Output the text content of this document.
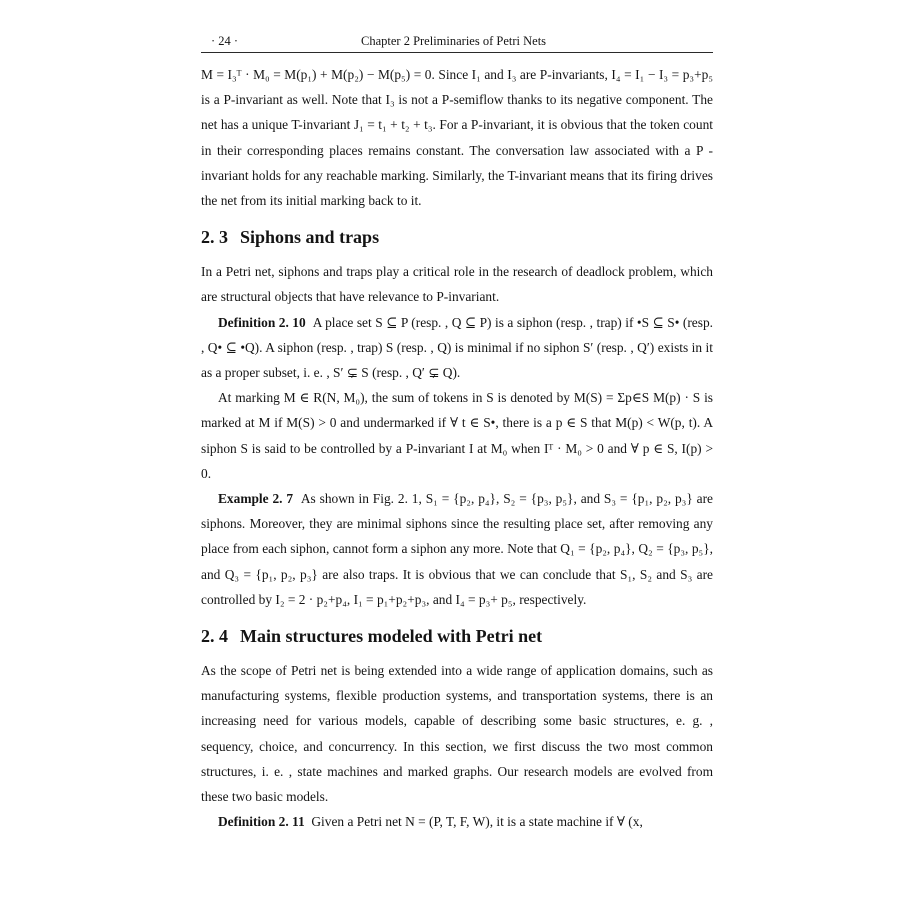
· 24 ·	Chapter 2 Preliminaries of Petri Nets

M = I₃ᵀ · M₀ = M(p₁) + M(p₂) − M(p₅) = 0. Since I₁ and I₃ are P-invariants, I₄ = I₁ − I₃ = p₃+p₅ is a P-invariant as well. Note that I₃ is not a P-semiflow thanks to its negative component. The net has a unique T-invariant J₁ = t₁ + t₂ + t₃. For a P-invariant, it is obvious that the token count in their corresponding places remains constant. The conversation law associated with a P -invariant holds for any reachable marking. Similarly, the T-invariant means that its firing drives the net from its initial marking back to it.

2. 3 Siphons and traps

In a Petri net, siphons and traps play a critical role in the research of deadlock problem, which are structural objects that have relevance to P-invariant.

Definition 2. 10 A place set S ⊆ P (resp. , Q ⊆ P) is a siphon (resp. , trap) if •S ⊆ S• (resp. , Q• ⊆ •Q). A siphon (resp. , trap) S (resp. , Q) is minimal if no siphon S′ (resp. , Q′) exists in it as a proper subset, i. e. , S′ ⊊ S (resp. , Q′ ⊊ Q).

At marking M ∈ R(N, M₀), the sum of tokens in S is denoted by M(S) = Σp∈S M(p) · S is marked at M if M(S) > 0 and undermarked if ∀ t ∈ S•, there is a p ∈ S that M(p) < W(p, t). A siphon S is said to be controlled by a P-invariant I at M₀ when Iᵀ · M₀ > 0 and ∀ p ∈ S, I(p) > 0.

Example 2. 7 As shown in Fig. 2. 1, S₁ = {p₂, p₄}, S₂ = {p₃, p₅}, and S₃ = {p₁, p₂, p₃} are siphons. Moreover, they are minimal siphons since the resulting place set, after removing any place from each siphon, cannot form a siphon any more. Note that Q₁ = {p₂, p₄}, Q₂ = {p₃, p₅}, and Q₃ = {p₁, p₂, p₃} are also traps. It is obvious that we can conclude that S₁, S₂ and S₃ are controlled by I₂ = 2 · p₂+p₄, I₁ = p₁+p₂+p₃, and I₄ = p₃+ p₅, respectively.

2. 4 Main structures modeled with Petri net

As the scope of Petri net is being extended into a wide range of application domains, such as manufacturing systems, flexible production systems, and transportation systems, there is an increasing need for various models, capable of describing some basic structures, e. g. , sequency, choice, and concurrency. In this section, we first discuss the two most common structures, i. e. , state machines and marked graphs. Our research models are evolved from these two basic models.

Definition 2. 11 Given a Petri net N = (P, T, F, W), it is a state machine if ∀ (x,
